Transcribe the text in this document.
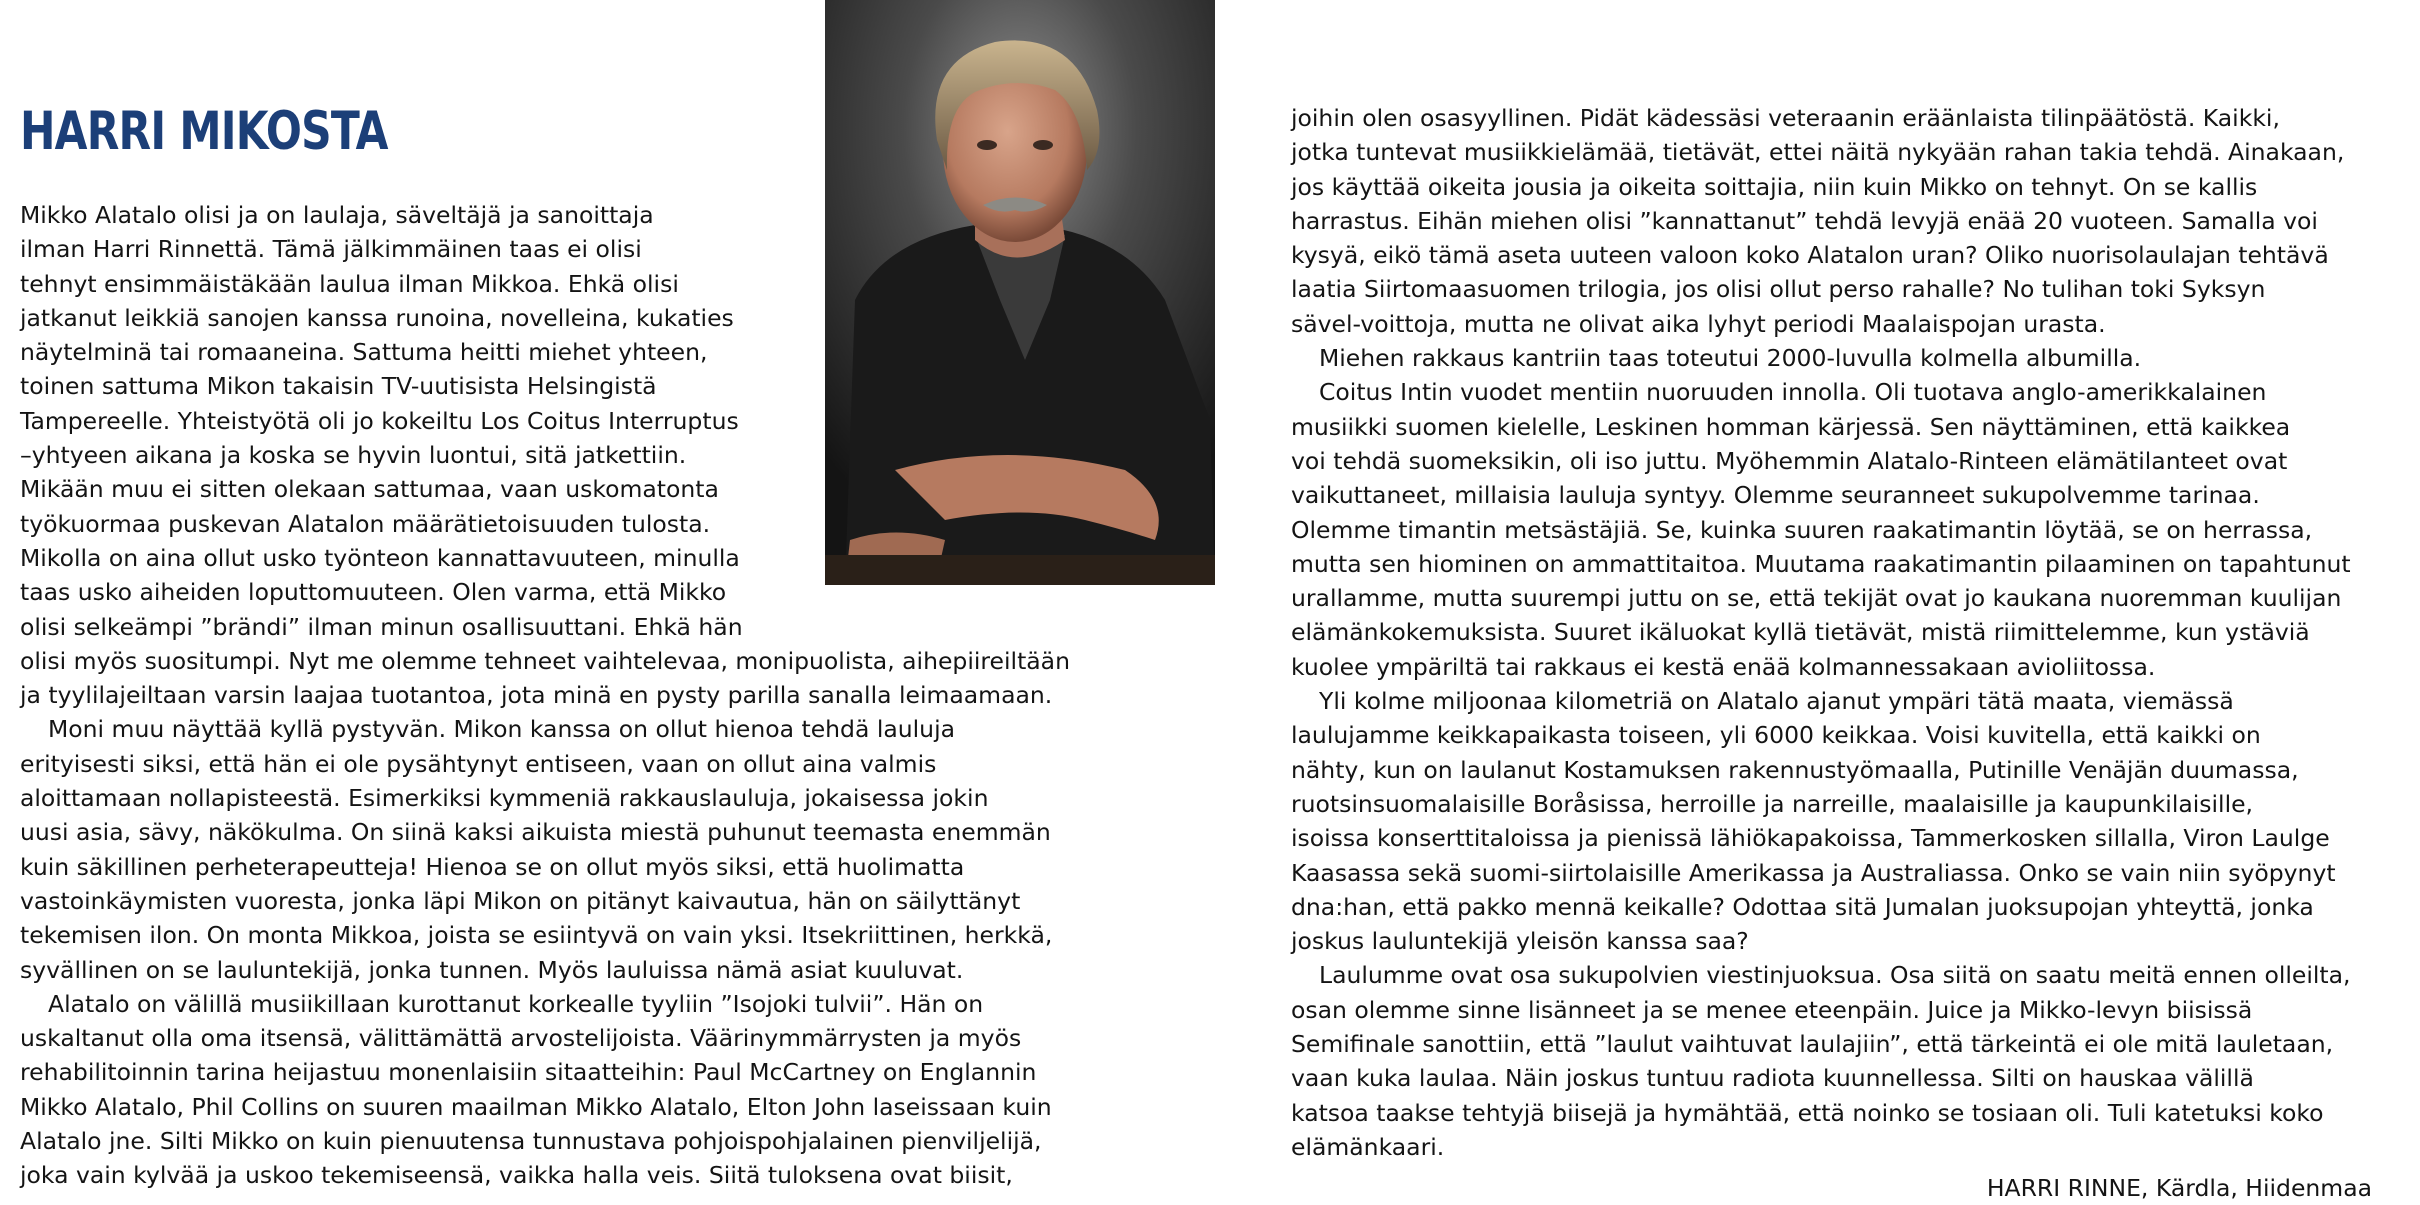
HARRI MIKOSTA
Mikko Alatalo olisi ja on laulaja, säveltäjä ja sanoittaja
ilman Harri Rinnettä. Tämä jälkimmäinen taas ei olisi
tehnyt ensimmäistäkään laulua ilman Mikkoa. Ehkä olisi
jatkanut leikkiä sanojen kanssa runoina, novelleina, kukaties
näytelminä tai romaaneina. Sattuma heitti miehet yhteen,
toinen sattuma Mikon takaisin TV-uutisista Helsingistä
Tampereelle. Yhteistyötä oli jo kokeiltu Los Coitus Interruptus
–yhtyeen aikana ja koska se hyvin luontui, sitä jatkettiin.
Mikään muu ei sitten olekaan sattumaa, vaan uskomatonta
työkuormaa puskevan Alatalon määrätietoisuuden tulosta.
Mikolla on aina ollut usko työnteon kannattavuuteen, minulla
taas usko aiheiden loputtomuuteen. Olen varma, että Mikko
olisi selkeämpi ”brändi” ilman minun osallisuuttani. Ehkä hän
olisi myös suositumpi. Nyt me olemme tehneet vaihtelevaa, monipuolista, aihepiireiltään
ja tyylilajeiltaan varsin laajaa tuotantoa, jota minä en pysty parilla sanalla leimaamaan.
Moni muu näyttää kyllä pystyvän. Mikon kanssa on ollut hienoa tehdä lauluja
erityisesti siksi, että hän ei ole pysähtynyt entiseen, vaan on ollut aina valmis
aloittamaan nollapisteestä. Esimerkiksi kymmeniä rakkauslauluja, jokaisessa jokin
uusi asia, sävy, näkökulma. On siinä kaksi aikuista miestä puhunut teemasta enemmän
kuin säkillinen perheterapeutteja! Hienoa se on ollut myös siksi, että huolimatta
vastoinkäymisten vuoresta, jonka läpi Mikon on pitänyt kaivautua, hän on säilyttänyt
tekemisen ilon. On monta Mikkoa, joista se esiintyvä on vain yksi. Itsekriittinen, herkkä,
syvällinen on se lauluntekijä, jonka tunnen. Myös lauluissa nämä asiat kuuluvat.
Alatalo on välillä musiikillaan kurottanut korkealle tyyliin ”Isojoki tulvii”. Hän on
uskaltanut olla oma itsensä, välittämättä arvostelijoista. Väärinymmärrysten ja myös
rehabilitoinnin tarina heijastuu monenlaisiin sitaatteihin: Paul McCartney on Englannin
Mikko Alatalo, Phil Collins on suuren maailman Mikko Alatalo, Elton John laseissaan kuin
Alatalo jne. Silti Mikko on kuin pienuutensa tunnustava pohjoispohjalainen pienviljelijä,
joka vain kylvää ja uskoo tekemiseensä, vaikka halla veis. Siitä tuloksena ovat biisit,
joihin olen osasyyllinen. Pidät kädessäsi veteraanin eräänlaista tilinpäätöstä. Kaikki,
jotka tuntevat musiikkielämää, tietävät, ettei näitä nykyään rahan takia tehdä. Ainakaan,
jos käyttää oikeita jousia ja oikeita soittajia, niin kuin Mikko on tehnyt. On se kallis
harrastus. Eihän miehen olisi ”kannattanut” tehdä levyjä enää 20 vuoteen. Samalla voi
kysyä, eikö tämä aseta uuteen valoon koko Alatalon uran? Oliko nuorisolaulajan tehtävä
laatia Siirtomaasuomen trilogia, jos olisi ollut perso rahalle? No tulihan toki Syksyn
sävel-voittoja, mutta ne olivat aika lyhyt periodi Maalaispojan urasta.
Miehen rakkaus kantriin taas toteutui 2000-luvulla kolmella albumilla.
Coitus Intin vuodet mentiin nuoruuden innolla. Oli tuotava anglo-amerikkalainen
musiikki suomen kielelle, Leskinen homman kärjessä. Sen näyttäminen, että kaikkea
voi tehdä suomeksikin, oli iso juttu. Myöhemmin Alatalo-Rinteen elämätilanteet ovat
vaikuttaneet, millaisia lauluja syntyy. Olemme seuranneet sukupolvemme tarinaa.
Olemme timantin metsästäjiä. Se, kuinka suuren raakatimantin löytää, se on herrassa,
mutta sen hiominen on ammattitaitoa. Muutama raakatimantin pilaaminen on tapahtunut
urallamme, mutta suurempi juttu on se, että tekijät ovat jo kaukana nuoremman kuulijan
elämänkokemuksista. Suuret ikäluokat kyllä tietävät, mistä riimittelemme, kun ystäviä
kuolee ympäriltä tai rakkaus ei kestä enää kolmannessakaan avioliitossa.
Yli kolme miljoonaa kilometriä on Alatalo ajanut ympäri tätä maata, viemässä
laulujamme keikkapaikasta toiseen, yli 6000 keikkaa. Voisi kuvitella, että kaikki on
nähty, kun on laulanut Kostamuksen rakennustyömaalla, Putinille Venäjän duumassa,
ruotsinsuomalaisille Boråsissa, herroille ja narreille, maalaisille ja kaupunkilaisille,
isoissa konserttitaloissa ja pienissä lähiökapakoissa, Tammerkosken sillalla, Viron Laulge
Kaasassa sekä suomi-siirtolaisille Amerikassa ja Australiassa. Onko se vain niin syöpynyt
dna:han, että pakko mennä keikalle? Odottaa sitä Jumalan juoksupojan yhteyttä, jonka
joskus lauluntekijä yleisön kanssa saa?
Laulumme ovat osa sukupolvien viestinjuoksua. Osa siitä on saatu meitä ennen olleilta,
osan olemme sinne lisänneet ja se menee eteenpäin. Juice ja Mikko-levyn biisissä
Semifinale sanottiin, että ”laulut vaihtuvat laulajiin”, että tärkeintä ei ole mitä lauletaan,
vaan kuka laulaa. Näin joskus tuntuu radiota kuunnellessa. Silti on hauskaa välillä
katsoa taakse tehtyjä biisejä ja hymähtää, että noinko se tosiaan oli. Tuli katetuksi koko
elämänkaari.
HARRI RINNE, Kärdla, Hiidenmaa
